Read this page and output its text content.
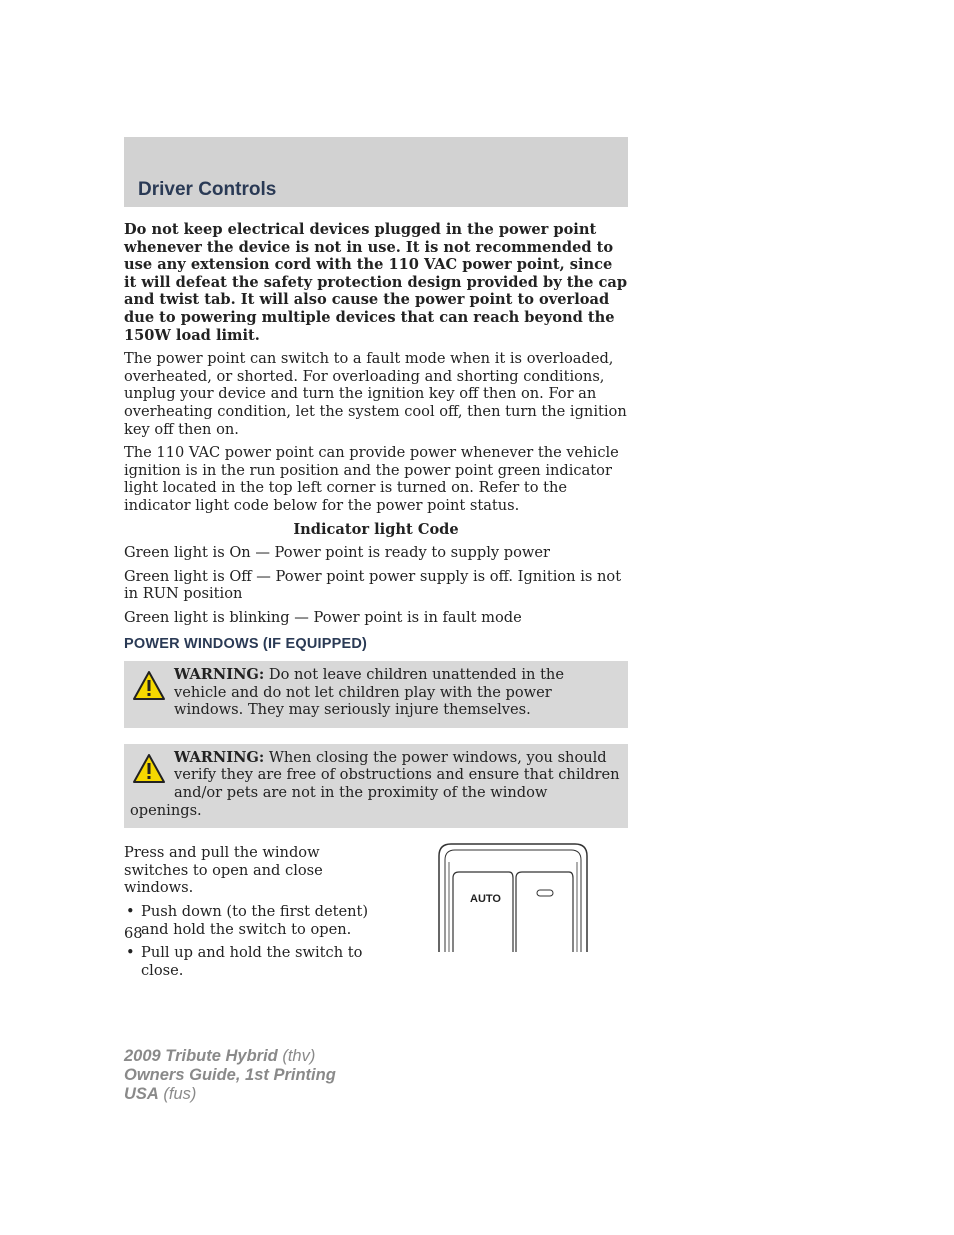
Driver Controls

Do not keep electrical devices plugged in the power point whenever the device is not in use. It is not recommended to use any extension cord with the 110 VAC power point, since it will defeat the safety protection design provided by the cap and twist tab. It will also cause the power point to overload due to powering multiple devices that can reach beyond the 150W load limit.

The power point can switch to a fault mode when it is overloaded, overheated, or shorted. For overloading and shorting conditions, unplug your device and turn the ignition key off then on. For an overheating condition, let the system cool off, then turn the ignition key off then on.

The 110 VAC power point can provide power whenever the vehicle ignition is in the run position and the power point green indicator light located in the top left corner is turned on. Refer to the indicator light code below for the power point status.

Indicator light Code

Green light is On — Power point is ready to supply power

Green light is Off — Power point power supply is off. Ignition is not in RUN position

Green light is blinking — Power point is in fault mode

POWER WINDOWS (IF EQUIPPED)
WARNING: Do not leave children unattended in the vehicle and do not let children play with the power windows. They may seriously injure themselves.
WARNING: When closing the power windows, you should verify they are free of obstructions and ensure that children and/or pets are not in the proximity of the window openings.

Press and pull the window switches to open and close windows.

• Push down (to the first detent) and hold the switch to open.
• Pull up and hold the switch to close.
AUTO
68
2009 Tribute Hybrid (thv)
Owners Guide, 1st Printing
USA (fus)
